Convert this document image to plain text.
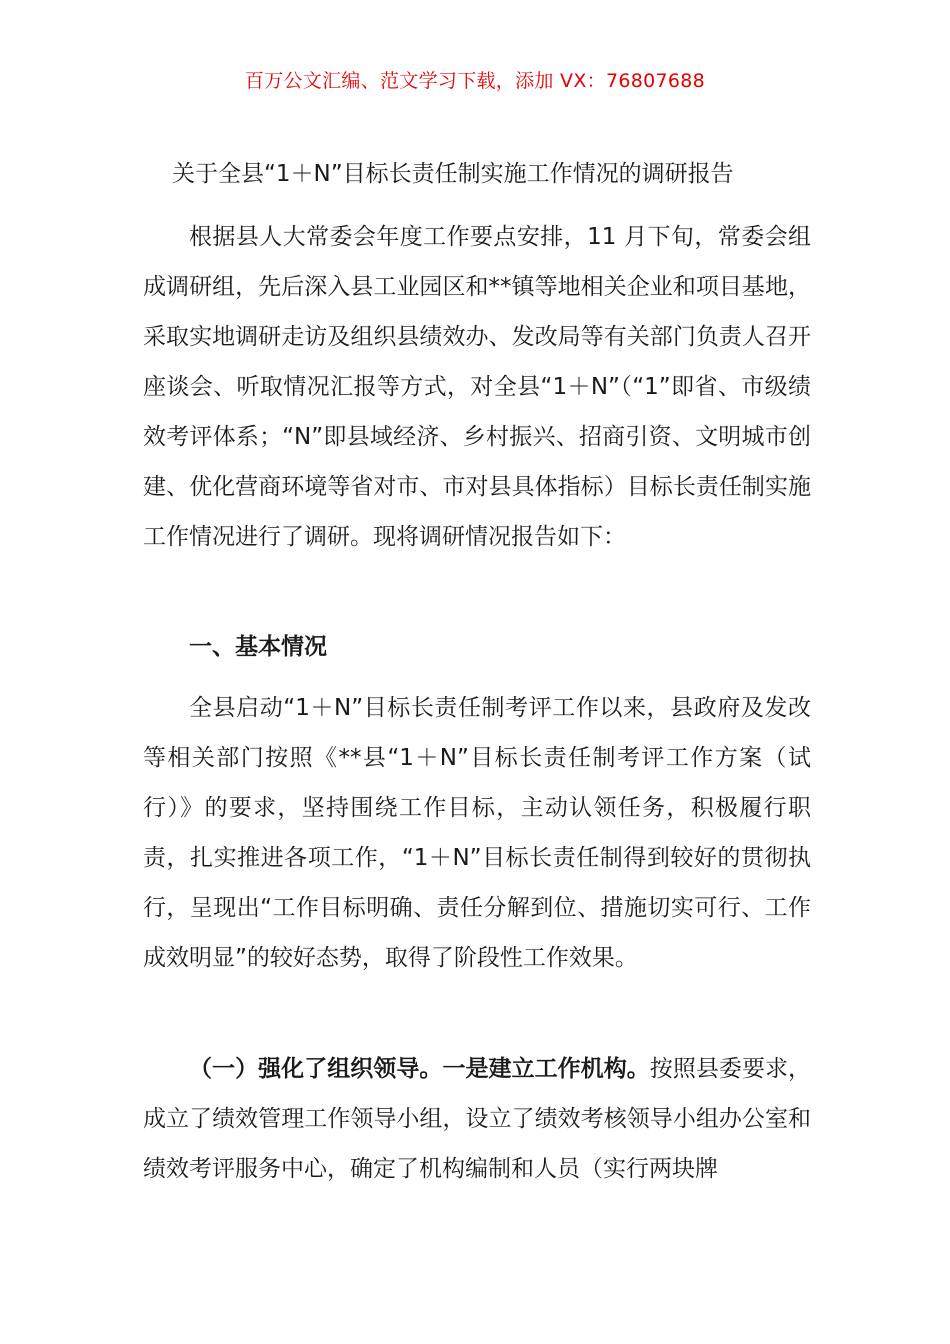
百万公文汇编、范文学习下载，添加 VX：76807688
关于全县“1＋N”目标长责任制实施工作情况的调研报告

根据县人大常委会年度工作要点安排，11 月下旬，常委会组成调研组，先后深入县工业园区和**镇等地相关企业和项目基地，采取实地调研走访及组织县绩效办、发改局等有关部门负责人召开座谈会、听取情况汇报等方式，对全县“1＋N”（“1”即省、市级绩效考评体系；“N”即县域经济、乡村振兴、招商引资、文明城市创建、优化营商环境等省对市、市对县具体指标）目标长责任制实施工作情况进行了调研。现将调研情况报告如下：

一、基本情况

全县启动“1＋N”目标长责任制考评工作以来，县政府及发改等相关部门按照《**县“1＋N”目标长责任制考评工作方案（试行）》的要求，坚持围绕工作目标，主动认领任务，积极履行职责，扎实推进各项工作，“1＋N”目标长责任制得到较好的贯彻执行，呈现出“工作目标明确、责任分解到位、措施切实可行、工作成效明显”的较好态势，取得了阶段性工作效果。

（一）强化了组织领导。一是建立工作机构。按照县委要求，成立了绩效管理工作领导小组，设立了绩效考核领导小组办公室和绩效考评服务中心，确定了机构编制和人员（实行两块牌
